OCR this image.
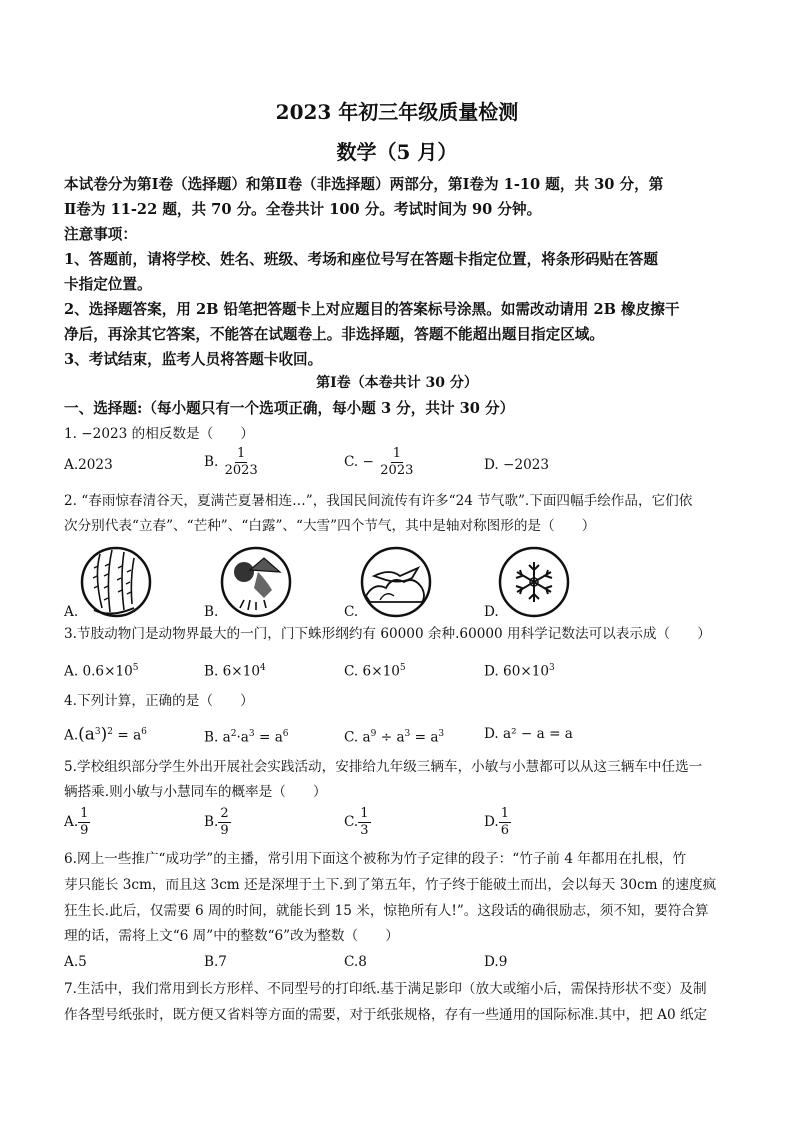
2023 年初三年级质量检测
数学（5 月）
本试卷分为第Ⅰ卷（选择题）和第Ⅱ卷（非选择题）两部分，第Ⅰ卷为 1-10 题，共 30 分，第
Ⅱ卷为 11-22 题，共 70 分。全卷共计 100 分。考试时间为 90 分钟。
注意事项：
1、答题前，请将学校、姓名、班级、考场和座位号写在答题卡指定位置，将条形码贴在答题
卡指定位置。
2、选择题答案，用 2B 铅笔把答题卡上对应题目的答案标号涂黑。如需改动请用 2B 橡皮擦干
净后，再涂其它答案，不能答在试题卷上。非选择题，答题不能超出题目指定区域。
3、考试结束，监考人员将答题卡收回。
第Ⅰ卷（本卷共计 30 分）
一、选择题:（每小题只有一个选项正确，每小题 3 分，共计 30 分）
1. −2023 的相反数是（　　）
A.2023	B. $\frac{1}{2023}$	C. − $\frac{1}{2023}$	D. −2023
2. “春雨惊春清谷天，夏满芒夏暑相连…”，我国民间流传有许多“24 节气歌”.下面四幅手绘作品，它们依
次分别代表“立春”、“芒种”、“白露”、“大雪”四个节气，其中是轴对称图形的是（　　）
A.	B.	C.	D.
3.节肢动物门是动物界最大的一门，门下蛛形纲约有 60000 余种.60000 用科学记数法可以表示成（　　）
A. $0.6\times 10^5$	B. $6\times 10^4$	C. $6\times 10^5$	D. $60\times 10^3$
4.下列计算，正确的是（　　）
$A.(a^3)^2 = a^6$	B. $a^2\cdot a^3 = a^6$	C. $a^9 \div a^3 = a^3$	D. a² − a = a
5.学校组织部分学生外出开展社会实践活动，安排给九年级三辆车，小敏与小慧都可以从这三辆车中任选一
辆搭乘.则小敏与小慧同车的概率是（　　）
A. $\frac{1}{9}$	B. $\frac{2}{9}$	C. $\frac{1}{3}$	D. $\frac{1}{6}$
6.网上一些推广“成功学”的主播，常引用下面这个被称为竹子定律的段子：“竹子前 4 年都用在扎根，竹
芽只能长 3cm，而且这 3cm 还是深埋于土下.到了第五年，竹子终于能破土而出，会以每天 30cm 的速度疯
狂生长.此后，仅需要 6 周的时间，就能长到 15 米，惊艳所有人!”。这段话的确很励志，须不知，要符合算
理的话，需将上文“6 周”中的整数“6”改为整数（　　）
A.5	B.7	C.8	D.9
7.生活中，我们常用到长方形样、不同型号的打印纸.基于满足影印（放大或缩小后，需保持形状不变）及制
作各型号纸张时，既方便又省料等方面的需要，对于纸张规格，存有一些通用的国际标准.其中，把 A0 纸定
